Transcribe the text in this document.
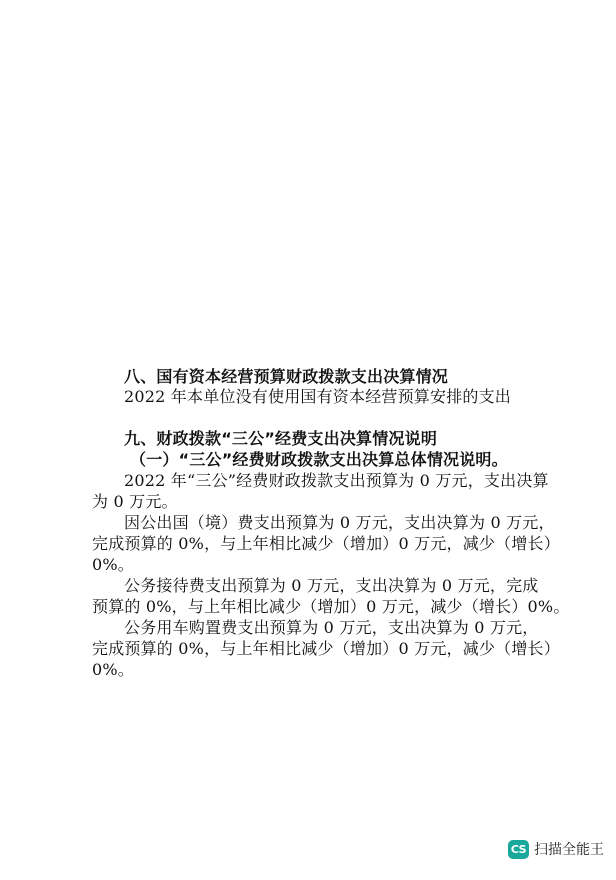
八、国有资本经营预算财政拨款支出决算情况
2022 年本单位没有使用国有资本经营预算安排的支出
九、财政拨款“三公”经费支出决算情况说明
（一）“三公”经费财政拨款支出决算总体情况说明。
2022 年“三公”经费财政拨款支出预算为 0 万元，支出决算
为 0 万元。
因公出国（境）费支出预算为 0 万元，支出决算为 0 万元，
完成预算的 0%，与上年相比减少（增加）0 万元，减少（增长）
0%。
公务接待费支出预算为 0 万元，支出决算为 0 万元，完成
预算的 0%，与上年相比减少（增加）0 万元，减少（增长）0%。
公务用车购置费支出预算为 0 万元，支出决算为 0 万元，
完成预算的 0%，与上年相比减少（增加）0 万元，减少（增长）
0%。
CS 扫描全能王
